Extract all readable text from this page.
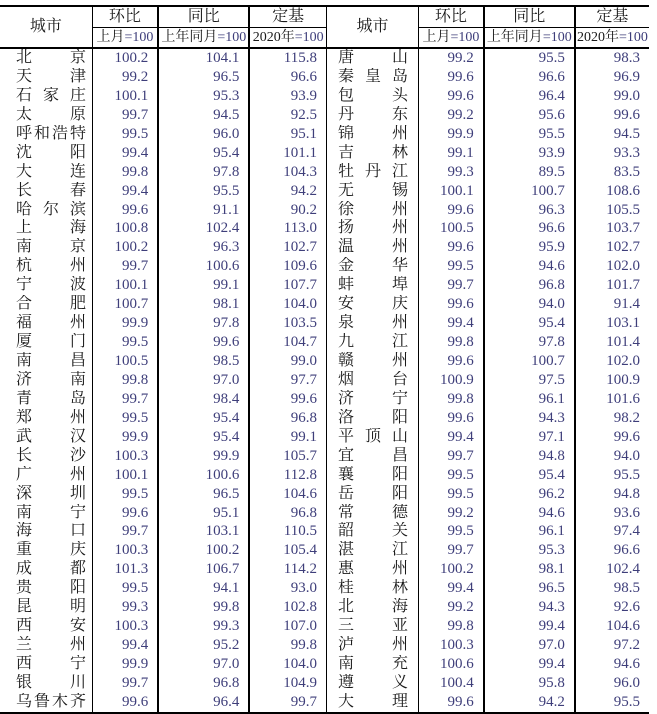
城市	环比	同比	定基	城市	环比	同比	定基
	上月=100	上年同月=100	2020年=100		上月=100	上年同月=100	2020年=100
北京	100.2	104.1	115.8	唐山	99.2	95.5	98.3
天津	99.2	96.5	96.6	秦皇岛	99.6	96.6	96.9
石家庄	100.1	95.3	93.9	包头	99.6	96.4	99.0
太原	99.7	94.5	92.5	丹东	99.2	95.6	99.6
呼和浩特	99.5	96.0	95.1	锦州	99.9	95.5	94.5
沈阳	99.4	95.4	101.1	吉林	99.1	93.9	93.3
大连	99.8	97.8	104.3	牡丹江	99.3	89.5	83.5
长春	99.4	95.5	94.2	无锡	100.1	100.7	108.6
哈尔滨	99.6	91.1	90.2	徐州	99.6	96.3	105.5
上海	100.8	102.4	113.0	扬州	100.5	96.6	103.7
南京	100.2	96.3	102.7	温州	99.6	95.9	102.7
杭州	99.7	100.6	109.6	金华	99.5	94.6	102.0
宁波	100.1	99.1	107.7	蚌埠	99.7	96.8	101.7
合肥	100.7	98.1	104.0	安庆	99.6	94.0	91.4
福州	99.9	97.8	103.5	泉州	99.4	95.4	103.1
厦门	99.5	99.6	104.7	九江	99.8	97.8	101.4
南昌	100.5	98.5	99.0	赣州	99.6	100.7	102.0
济南	99.8	97.0	97.7	烟台	100.9	97.5	100.9
青岛	99.7	98.4	99.6	济宁	99.8	96.1	101.6
郑州	99.5	95.4	96.8	洛阳	99.6	94.3	98.2
武汉	99.9	95.4	99.1	平顶山	99.4	97.1	99.6
长沙	100.3	99.9	105.7	宜昌	99.7	94.8	94.0
广州	100.1	100.6	112.8	襄阳	99.5	95.4	95.5
深圳	99.5	96.5	104.6	岳阳	99.5	96.2	94.8
南宁	99.6	95.1	96.8	常德	99.2	94.6	93.6
海口	99.7	103.1	110.5	韶关	99.5	96.1	97.4
重庆	100.3	100.2	105.4	湛江	99.7	95.3	96.6
成都	101.3	106.7	114.2	惠州	100.2	98.1	102.4
贵阳	99.5	94.1	93.0	桂林	99.4	96.5	98.5
昆明	99.3	99.8	102.8	北海	99.2	94.3	92.6
西安	100.3	99.3	107.0	三亚	99.8	99.4	104.6
兰州	99.4	95.2	99.8	泸州	100.3	97.0	97.2
西宁	99.9	97.0	104.0	南充	100.6	99.4	94.6
银川	99.7	96.8	104.9	遵义	100.4	95.8	96.0
乌鲁木齐	99.6	96.4	99.7	大理	99.6	94.2	95.5
